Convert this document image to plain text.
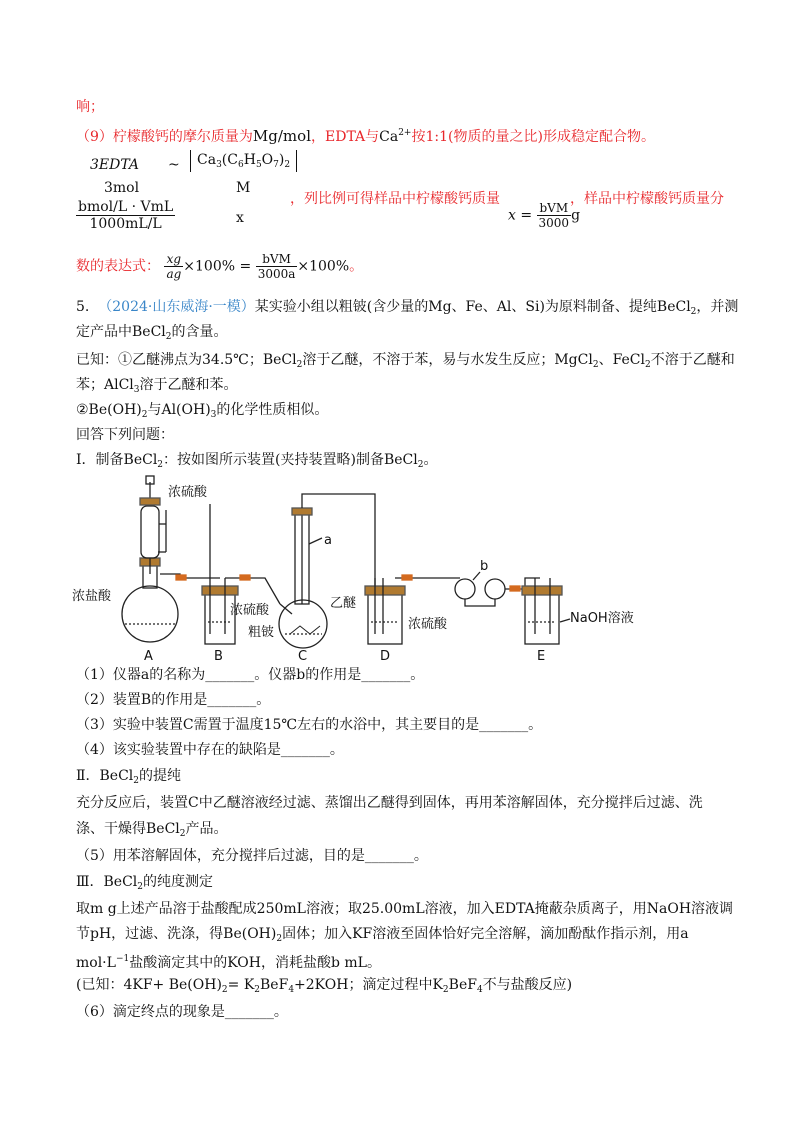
响；
（9）柠檬酸钙的摩尔质量为Mg/mol，EDTA与$Ca^{2+}$按1:1(物质的量之比)形成稳定配合物。
3EDTA ~	$Ca_3(C_6H_5O_7)_2$
3mol	M
，列比例可得样品中柠檬酸钙质量	，样品中柠檬酸钙质量分
bmol/L · VmL
1000mL/L	x	$x = \frac{\text{bVM}}{3000}$ g
数的表达式： $\frac{xg}{ag} \times 100\% = \frac{\text{bVM}}{3000a} \times 100\%$。
5. （2024·山东威海·一模）某实验小组以粗铍(含少量的Mg、Fe、Al、Si)为原料制备、提纯BeCl$_2$，并测
定产品中BeCl$_2$的含量。
已知：①乙醚沸点为34.5℃；BeCl$_2$溶于乙醚，不溶于苯，易与水发生反应；MgCl$_2$、FeCl$_2$不溶于乙醚和
苯；AlCl$_3$溶于乙醚和苯。
$②Be(OH)_2$与$Al(OH)_3$的化学性质相似。
回答下列问题：
Ⅰ．制备BeCl$_2$：按如图所示装置(夹持装置略)制备BeCl$_2$。
浓硫酸
浓盐酸
浓硫酸
粗铍
a
乙醚
b
浓硫酸	NaOH溶液
A	B	C	D	E
（1）仪器a的名称为_______。仪器b的作用是_______。
（2）装置B的作用是_______。
（3）实验中装置C需置于温度15℃左右的水浴中，其主要目的是_______。
（4）该实验装置中存在的缺陷是_______。
Ⅱ．BeCl$_2$的提纯
充分反应后，装置C中乙醚溶液经过滤、蒸馏出乙醚得到固体，再用苯溶解固体，充分搅拌后过滤、洗
涤、干燥得BeCl$_2$产品。
（5）用苯溶解固体，充分搅拌后过滤，目的是_______。
Ⅲ．BeCl$_2$的纯度测定
取m g上述产品溶于盐酸配成250mL溶液；取25.00mL溶液，加入EDTA掩蔽杂质离子，用NaOH溶液调
节pH，过滤、洗涤，得$Be(OH)_2$固体；加入KF溶液至固体恰好完全溶解，滴加酚酞作指示剂，用a
$mol\cdot L^{-1}$盐酸滴定其中的KOH，消耗盐酸b mL。
(已知：$4KF+ Be(OH)_2= K_2BeF_4+2KOH$；滴定过程中$K_2BeF_4$不与盐酸反应)
（6）滴定终点的现象是_______。
